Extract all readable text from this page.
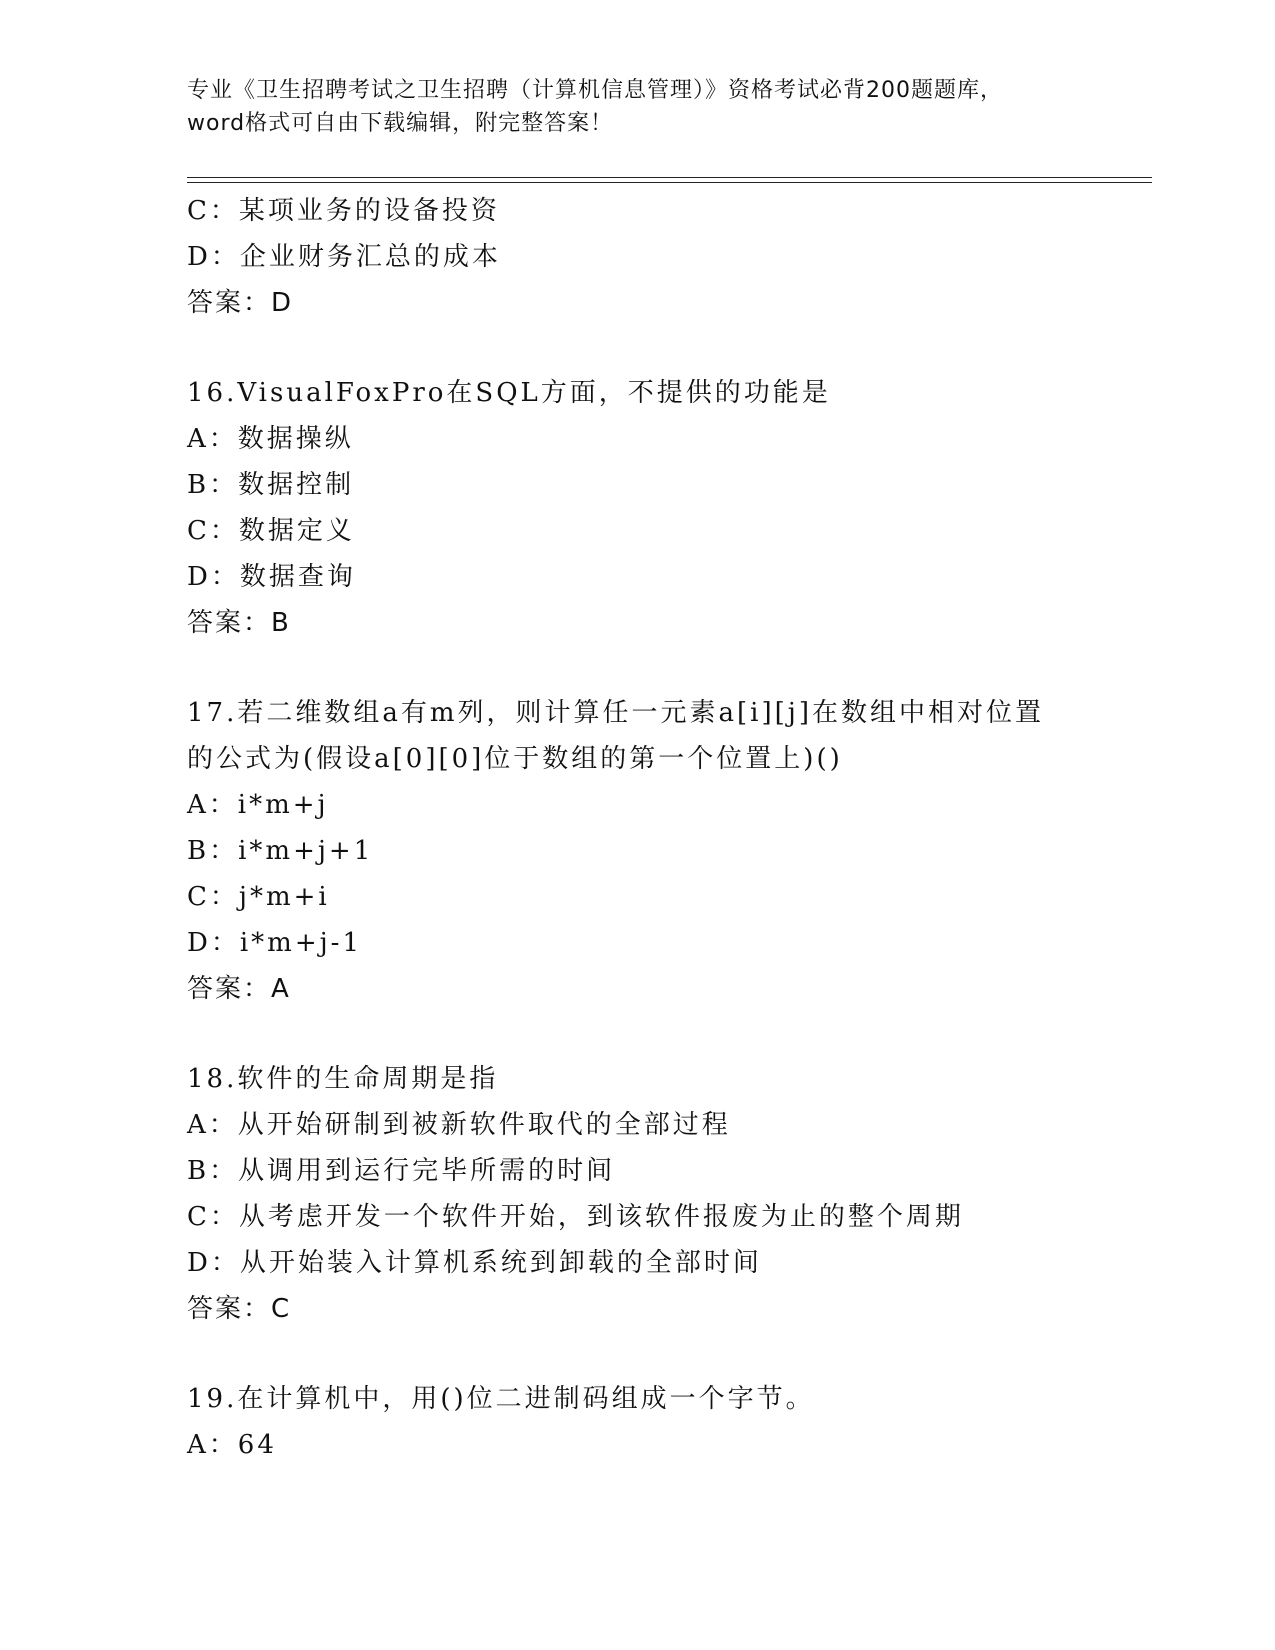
专业《卫生招聘考试之卫生招聘（计算机信息管理）》资格考试必背200题题库，
word格式可自由下载编辑，附完整答案！
C：某项业务的设备投资
D：企业财务汇总的成本
答案：D
16.VisualFoxPro在SQL方面，不提供的功能是
A：数据操纵
B：数据控制
C：数据定义
D：数据查询
答案：B
17.若二维数组a有m列，则计算任一元素a[i][j]在数组中相对位置
的公式为(假设a[0][0]位于数组的第一个位置上)()
A：i*m+j
B：i*m+j+1
C：j*m+i
D：i*m+j-1
答案：A
18.软件的生命周期是指
A：从开始研制到被新软件取代的全部过程
B：从调用到运行完毕所需的时间
C：从考虑开发一个软件开始，到该软件报废为止的整个周期
D：从开始装入计算机系统到卸载的全部时间
答案：C
19.在计算机中，用()位二进制码组成一个字节。
A：64
